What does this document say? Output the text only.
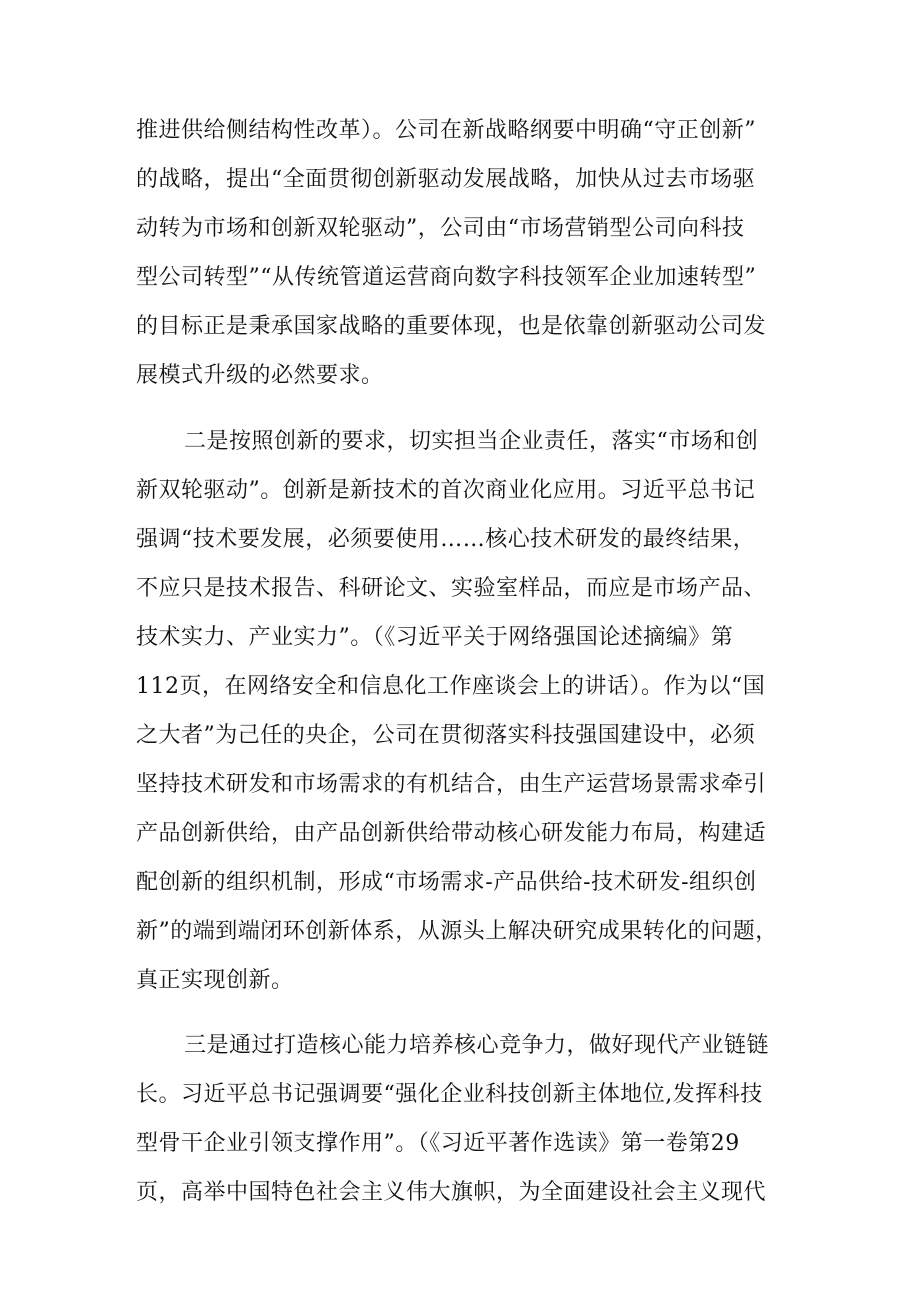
推进供给侧结构性改革）。公司在新战略纲要中明确“守正创新”
的战略，提出“全面贯彻创新驱动发展战略，加快从过去市场驱
动转为市场和创新双轮驱动”，公司由“市场营销型公司向科技
型公司转型”“从传统管道运营商向数字科技领军企业加速转型”
的目标正是秉承国家战略的重要体现，也是依靠创新驱动公司发
展模式升级的必然要求。
二是按照创新的要求，切实担当企业责任，落实“市场和创
新双轮驱动”。创新是新技术的首次商业化应用。习近平总书记
强调“技术要发展，必须要使用……核心技术研发的最终结果，
不应只是技术报告、科研论文、实验室样品，而应是市场产品、
技术实力、产业实力”。（《习近平关于网络强国论述摘编》第
112页，在网络安全和信息化工作座谈会上的讲话）。作为以“国
之大者”为己任的央企，公司在贯彻落实科技强国建设中，必须
坚持技术研发和市场需求的有机结合，由生产运营场景需求牵引
产品创新供给，由产品创新供给带动核心研发能力布局，构建适
配创新的组织机制，形成“市场需求-产品供给-技术研发-组织创
新”的端到端闭环创新体系，从源头上解决研究成果转化的问题，
真正实现创新。
三是通过打造核心能力培养核心竞争力，做好现代产业链链
长。习近平总书记强调要“强化企业科技创新主体地位,发挥科技
型骨干企业引领支撑作用”。（《习近平著作选读》第一卷第29
页，高举中国特色社会主义伟大旗帜，为全面建设社会主义现代
